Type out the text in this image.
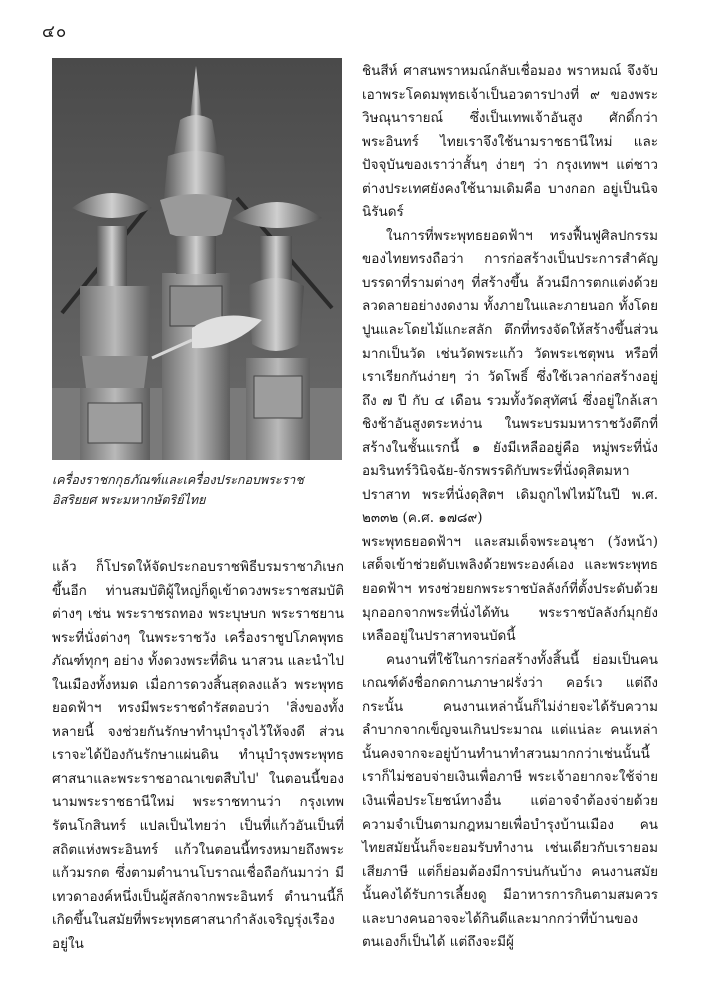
๔๐
เครื่องราชกกุธภัณฑ์และเครื่องประกอบพระราชอิสริยยศ พระมหากษัตริย์ไทย

ชินสีห์ ศาสนพราหมณ์กลับเชื่อมอง พราหมณ์ จึงจับเอาพระโคดมพุทธเจ้าเป็นอวตารปางที่ ๙ ของพระวิษณุนารายณ์ ซึ่งเป็นเทพเจ้าอันสูง ศักดิ์กว่าพระอินทร์ ไทยเราจึงใช้นามราชธานีใหม่ และปัจจุบันของเราว่าสั้นๆ ง่ายๆ ว่า กรุงเทพฯ แต่ชาวต่างประเทศยังคงใช้นามเดิมคือ บางกอก อยู่เป็นนิจนิรันดร์

ในการที่พระพุทธยอดฟ้าฯ ทรงฟื้นฟูศิลปกรรมของไทยทรงถือว่า การก่อสร้างเป็นประการสำคัญ บรรดาที่รามต่างๆ ที่สร้างขึ้น ล้วนมีการตกแต่งด้วยลวดลายอย่างงดงาม ทั้งภายในและภายนอก ทั้งโดยปูนและโดยไม้แกะสลัก ตึกที่ทรงจัดให้สร้างขึ้นส่วนมากเป็นวัด เช่นวัดพระแก้ว วัดพระเชตุพน หรือที่เราเรียกกันง่ายๆ ว่า วัดโพธิ์ ซึ่งใช้เวลาก่อสร้างอยู่ถึง ๗ ปี กับ ๔ เดือน รวมทั้งวัดสุทัศน์ ซึ่งอยู่ใกล้เสาชิงช้าอันสูงตระหง่าน ในพระบรมมหาราชวังตึกที่สร้างในชั้นแรกนี้ ๑ ยังมีเหลืออยู่คือ หมู่พระที่นั่งอมรินทร์วินิจฉัย-จักรพรรดิกับพระที่นั่งดุสิตมหาปราสาท พระที่นั่งดุสิตฯ เดิมถูกไฟไหม้ในปี พ.ศ. ๒๓๓๒ (ค.ศ. ๑๗๘๙)

พระพุทธยอดฟ้าฯ และสมเด็จพระอนุชา (วังหน้า) เสด็จเข้าช่วยดับเพลิงด้วยพระองค์เอง และพระพุทธยอดฟ้าฯ ทรงช่วยยกพระราชบัลลังก์ที่ตั้งประดับด้วยมุกออกจากพระที่นั่งได้ทัน พระราชบัลลังก์มุกยังเหลืออยู่ในปราสาทจนบัดนี้

คนงานที่ใช้ในการก่อสร้างทั้งสิ้นนี้ ย่อมเป็นคนเกณฑ์ดังชื่อกดกานภาษาฝรั่งว่า คอร์เว แต่ถึงกระนั้น คนงานเหล่านั้นก็ไม่ง่ายจะได้รับความลำบากจากเข็ญจนเกินประมาณ แต่แน่ละ คนเหล่านั้นคงจากจะอยู่บ้านทำนาทำสวนมากกว่าเช่นนั้นนี้ เราก็ไม่ชอบจ่ายเงินเพื่อภาษี พระเจ้าอยากจะใช้จ่ายเงินเพื่อประโยชน์ทางอื่น แต่อาจจำต้องจ่ายด้วยความจำเป็นตามกฎหมายเพื่อบำรุงบ้านเมือง คนไทยสมัยนั้นก็จะยอมรับทำงาน เช่นเดียวกับเรายอมเสียภาษี แต่ก็ย่อมต้องมีการบ่นกันบ้าง คนงานสมัยนั้นคงได้รับการเลี้ยงดู มีอาหารการกินตามสมควรและบางคนอาจจะได้กินดีและมากกว่าที่บ้านของตนเองก็เป็นได้ แต่ถึงจะมีผู้

แล้ว ก็โปรดให้จัดประกอบราชพิธีบรมราชาภิเษกขึ้นอีก ท่านสมบัติผู้ใหญ่ก็ดูเข้าดวงพระราชสมบัติต่างๆ เช่น พระราชรถทอง พระบุษบก พระราชยานพระที่นั่งต่างๆ ในพระราชวัง เครื่องราชูปโภคพุทธภัณฑ์ทุกๆ อย่าง ทั้งดวงพระที่ดิน นาสวน และนำไปในเมืองทั้งหมด เมื่อการดวงสิ้นสุดลงแล้ว พระพุทธยอดฟ้าฯ ทรงมีพระราชดำรัสตอบว่า 'สิ่งของทั้งหลายนี้ จงช่วยกันรักษาทำนุบำรุงไว้ให้จงดี ส่วนเราจะได้ป้องกันรักษาแผ่นดิน ทำนุบำรุงพระพุทธศาสนาและพระราชอาณาเขตสืบไป' ในตอนนี้ของนามพระราชธานีใหม่ พระราชทานว่า กรุงเทพรัตนโกสินทร์ แปลเป็นไทยว่า เป็นที่แก้วอันเป็นที่สถิตแห่งพระอินทร์ แก้วในตอนนี้ทรงหมายถึงพระแก้วมรกต ซึ่งตามตำนานโบราณเชื่อถือกันมาว่า มีเทวดาองค์หนึ่งเป็นผู้สลักจากพระอินทร์ ตำนานนี้ก็เกิดขึ้นในสมัยที่พระพุทธศาสนากำลังเจริญรุ่งเรืองอยู่ใน
